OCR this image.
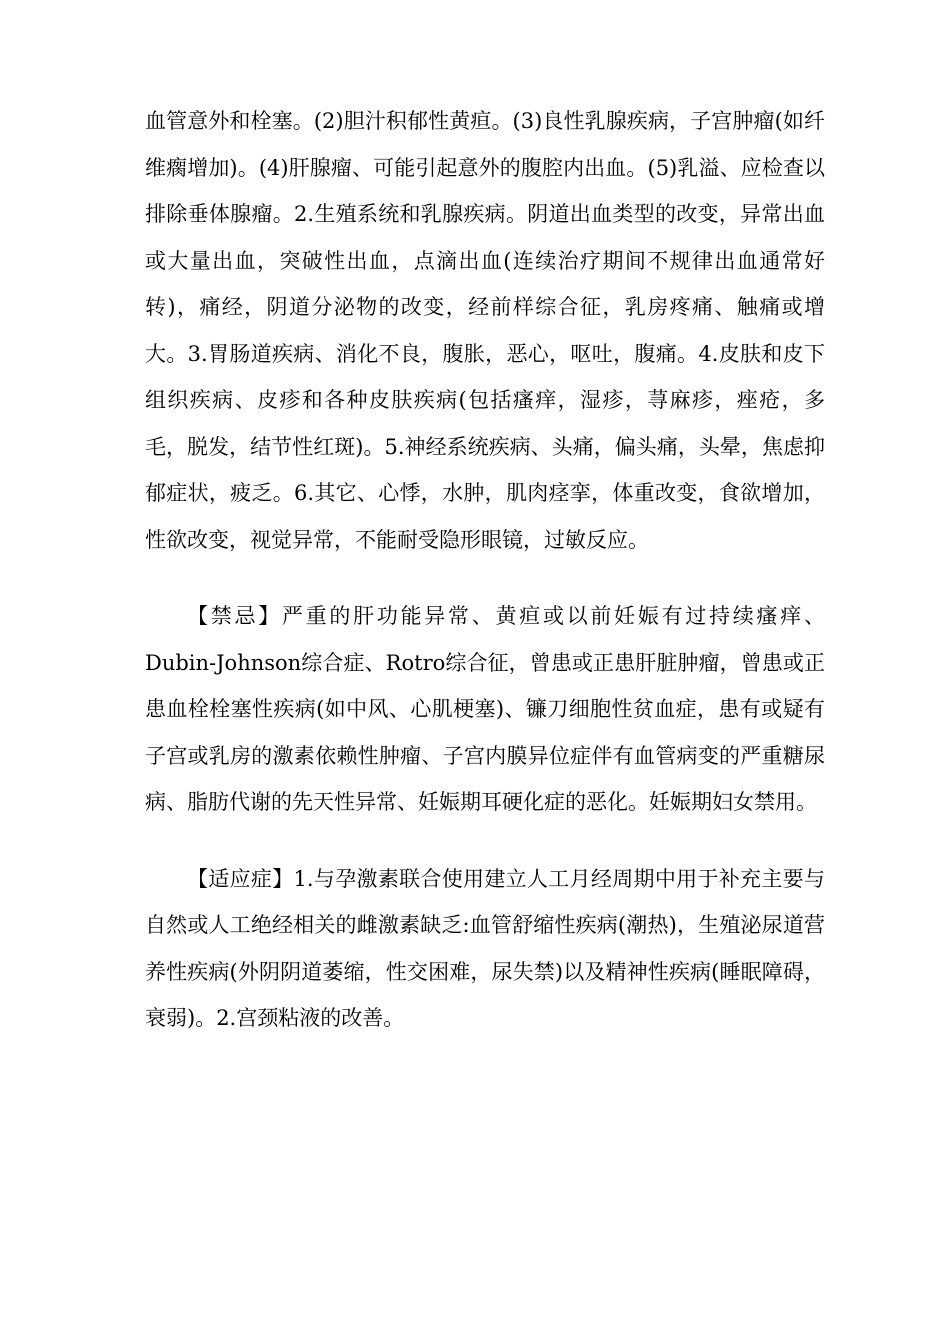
血管意外和栓塞。(2)胆汁积郁性黄疸。(3)良性乳腺疾病，子宫肿瘤(如纤维瘸增加)。(4)肝腺瘤、可能引起意外的腹腔内出血。(5)乳溢、应检查以排除垂体腺瘤。2.生殖系统和乳腺疾病。阴道出血类型的改变，异常出血或大量出血，突破性出血，点滴出血(连续治疗期间不规律出血通常好转)，痛经，阴道分泌物的改变，经前样综合征，乳房疼痛、触痛或增大。3.胃肠道疾病、消化不良，腹胀，恶心，呕吐，腹痛。4.皮肤和皮下组织疾病、皮疹和各种皮肤疾病(包括瘙痒，湿疹，荨麻疹，痤疮，多毛，脱发，结节性红斑)。5.神经系统疾病、头痛，偏头痛，头晕，焦虑抑郁症状，疲乏。6.其它、心悸，水肿，肌肉痉挛，体重改变，食欲增加，性欲改变，视觉异常，不能耐受隐形眼镜，过敏反应。

【禁忌】严重的肝功能异常、黄疸或以前妊娠有过持续瘙痒、Dubin-Johnson综合症、Rotro综合征，曾患或正患肝脏肿瘤，曾患或正患血栓栓塞性疾病(如中风、心肌梗塞)、镰刀细胞性贫血症，患有或疑有子宫或乳房的激素依赖性肿瘤、子宫内膜异位症伴有血管病变的严重糖尿病、脂肪代谢的先天性异常、妊娠期耳硬化症的恶化。妊娠期妇女禁用。

【适应症】1.与孕激素联合使用建立人工月经周期中用于补充主要与自然或人工绝经相关的雌激素缺乏:血管舒缩性疾病(潮热)，生殖泌尿道营养性疾病(外阴阴道萎缩，性交困难，尿失禁)以及精神性疾病(睡眠障碍，衰弱)。2.宫颈粘液的改善。
